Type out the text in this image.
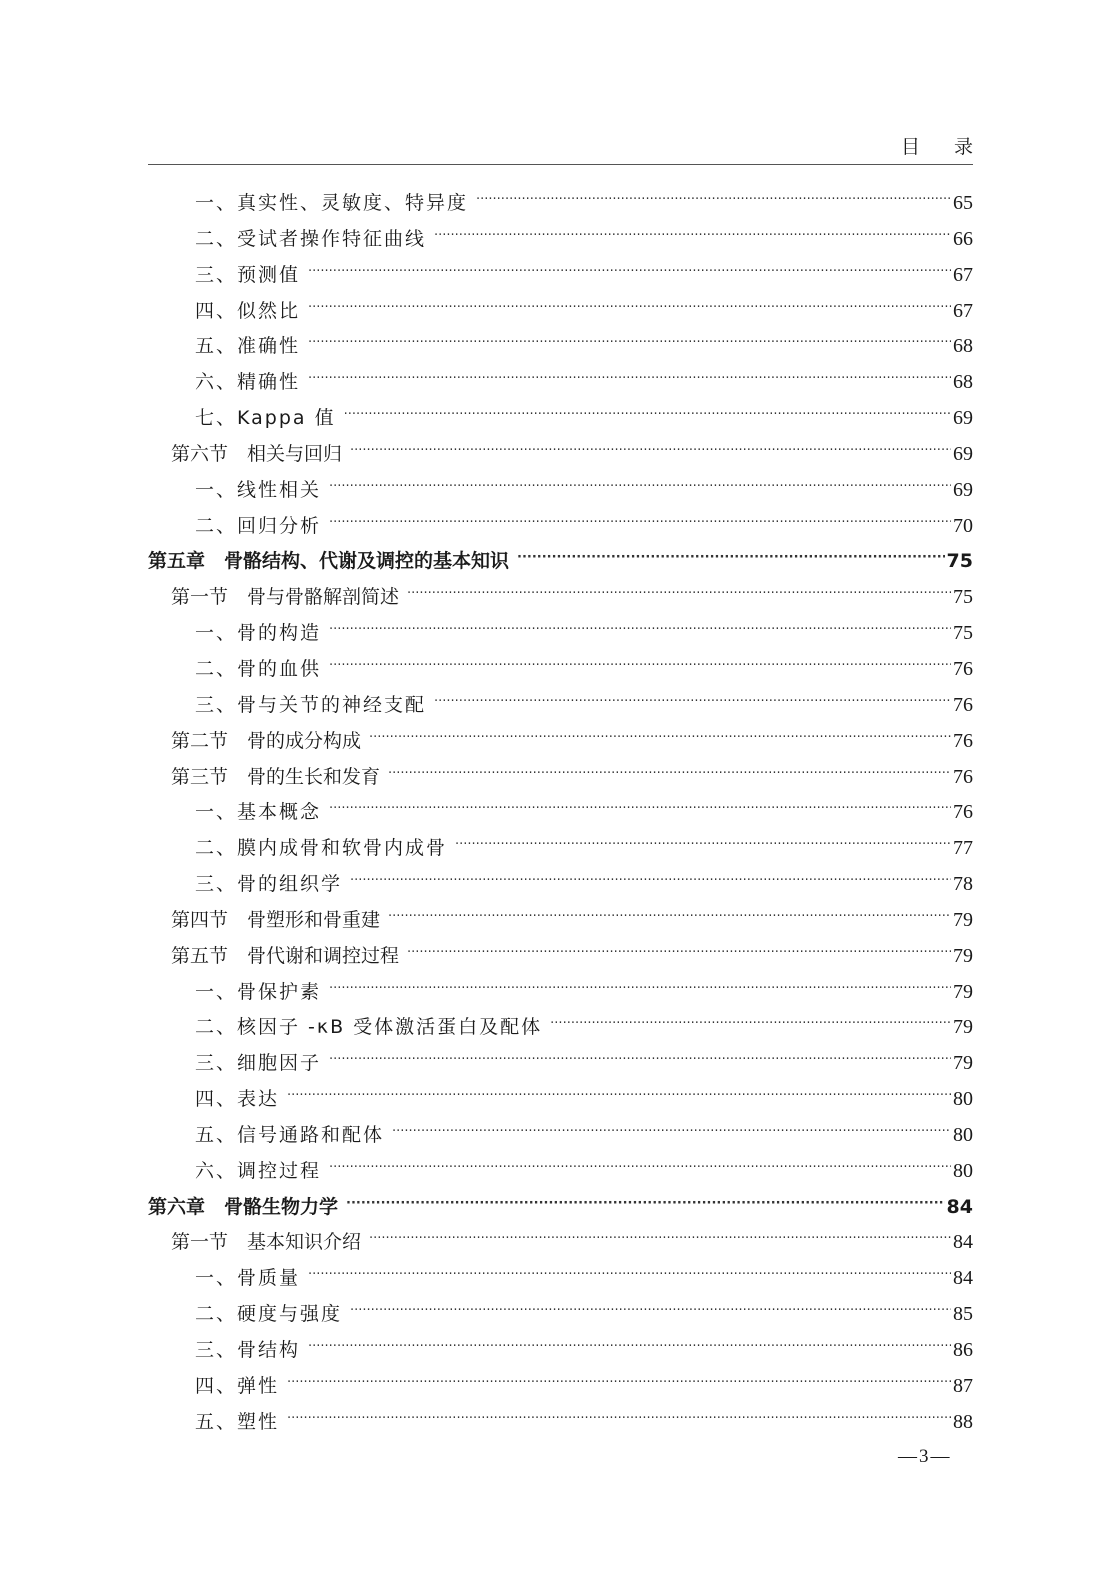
目录
一、真实性、灵敏度、特异度 ·····	65
二、受试者操作特征曲线 ·····	66
三、预测值 ·····	67
四、似然比 ·····	67
五、准确性 ·····	68
六、精确性 ·····	68
七、Kappa 值 ·····	69
第六节　相关与回归 ·····	69
一、线性相关 ·····	69
二、回归分析 ·····	70
第五章　骨骼结构、代谢及调控的基本知识 ·····	75
第一节　骨与骨骼解剖简述 ·····	75
一、骨的构造 ·····	75
二、骨的血供 ·····	76
三、骨与关节的神经支配 ·····	76
第二节　骨的成分构成 ·····	76
第三节　骨的生长和发育 ·····	76
一、基本概念 ·····	76
二、膜内成骨和软骨内成骨 ·····	77
三、骨的组织学 ·····	78
第四节　骨塑形和骨重建 ·····	79
第五节　骨代谢和调控过程 ·····	79
一、骨保护素 ·····	79
二、核因子 -κB 受体激活蛋白及配体 ·····	79
三、细胞因子 ·····	79
四、表达 ·····	80
五、信号通路和配体 ·····	80
六、调控过程 ·····	80
第六章　骨骼生物力学 ·····	84
第一节　基本知识介绍 ·····	84
一、骨质量 ·····	84
二、硬度与强度 ·····	85
三、骨结构 ·····	86
四、弹性 ·····	87
五、塑性 ·····	88
—3—
